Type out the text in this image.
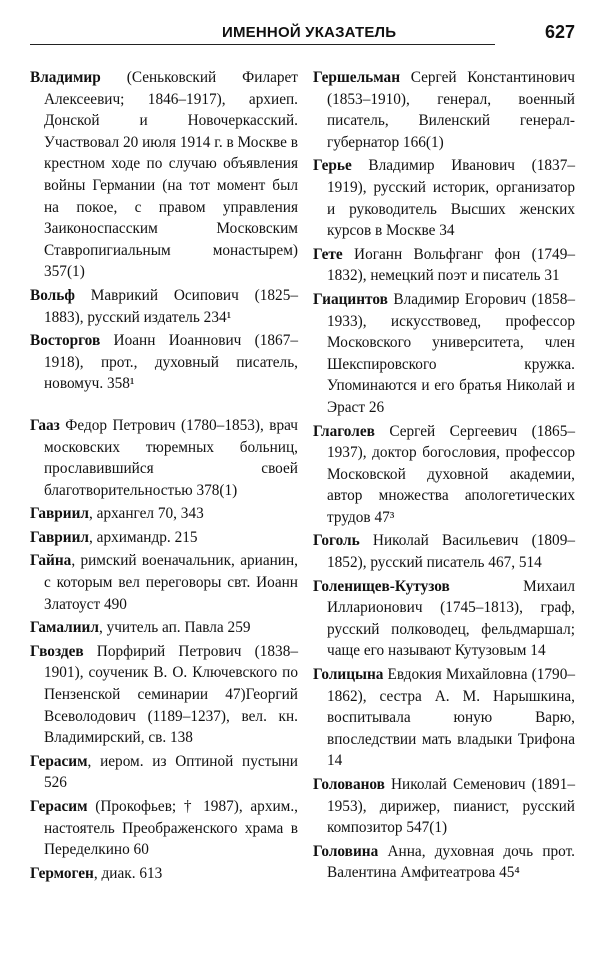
ИМЕННОЙ УКАЗАТЕЛЬ	627
Владимир (Сеньковский Филарет Алексеевич; 1846–1917), архиеп. Донской и Новочеркасский. Участвовал 20 июля 1914 г. в Москве в крестном ходе по случаю объявления войны Германии (на тот момент был на покое, с правом управления Заиконоспасским Московским Ставропигиальным монастырем) 357(1)
Вольф Маврикий Осипович (1825–1883), русский издатель 234¹
Восторгов Иоанн Иоаннович (1867–1918), прот., духовный писатель, новомуч. 358¹
Гааз Федор Петрович (1780–1853), врач московских тюремных больниц, прославившийся своей благотворительностью 378(1)
Гавриил, архангел 70, 343
Гавриил, архимандр. 215
Гайна, римский военачальник, арианин, с которым вел переговоры свт. Иоанн Златоуст 490
Гамалиил, учитель ап. Павла 259
Гвоздев Порфирий Петрович (1838–1901), соученик В. О. Ключевского по Пензенской семинарии 47)Георгий Всеволодович (1189–1237), вел. кн. Владимирский, св. 138
Герасим, иером. из Оптиной пустыни 526
Герасим (Прокофьев; † 1987), архим., настоятель Преображенского храма в Переделкино 60
Гермоген, диак. 613
Гершельман Сергей Константинович (1853–1910), генерал, военный писатель, Виленский генерал-губернатор 166(1)
Герье Владимир Иванович (1837–1919), русский историк, организатор и руководитель Высших женских курсов в Москве 34
Гете Иоганн Вольфганг фон (1749–1832), немецкий поэт и писатель 31
Гиацинтов Владимир Егорович (1858–1933), искусствовед, профессор Московского университета, член Шекспировского кружка. Упоминаются и его братья Николай и Эраст 26
Глаголев Сергей Сергеевич (1865–1937), доктор богословия, профессор Московской духовной академии, автор множества апологетических трудов 47³
Гоголь Николай Васильевич (1809–1852), русский писатель 467, 514
Голенищев-Кутузов Михаил Илларионович (1745–1813), граф, русский полководец, фельдмаршал; чаще его называют Кутузовым 14
Голицына Евдокия Михайловна (1790–1862), сестра А. М. Нарышкина, воспитывала юную Варю, впоследствии мать владыки Трифона 14
Голованов Николай Семенович (1891–1953), дирижер, пианист, русский композитор 547(1)
Головина Анна, духовная дочь прот. Валентина Амфитеатрова 45⁴
